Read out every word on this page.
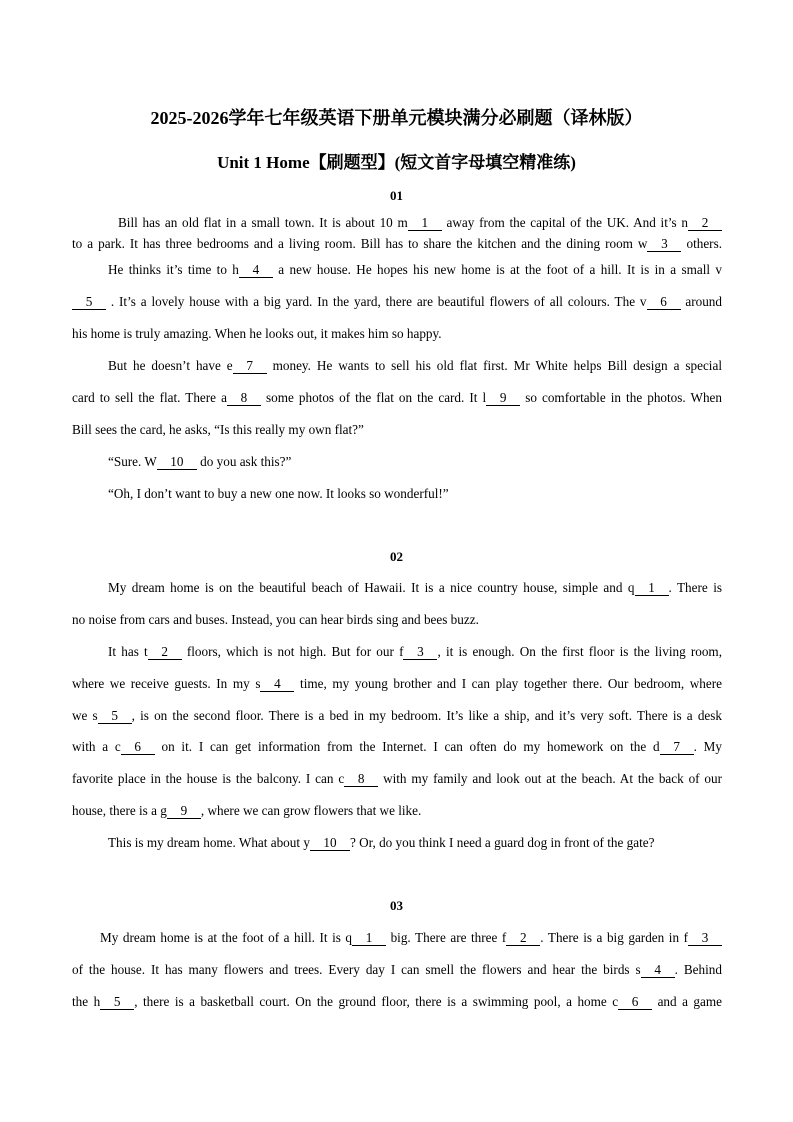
2025-2026学年七年级英语下册单元模块满分必刷题（译林版）
Unit 1 Home【刷题型】(短文首字母填空精准练)
01
Bill has an old flat in a small town. It is about 10 m 1 away from the capital of the UK. And it’s n 2
to a park. It has three bedrooms and a living room. Bill has to share the kitchen and the dining room w 3 others.
He thinks it’s time to h 4 a new house. He hopes his new home is at the foot of a hill. It is in a small v
5 . It’s a lovely house with a big yard. In the yard, there are beautiful flowers of all colours. The v 6 around
his home is truly amazing. When he looks out, it makes him so happy.
But he doesn’t have e 7 money. He wants to sell his old flat first. Mr White helps Bill design a special
card to sell the flat. There a 8 some photos of the flat on the card. It l 9 so comfortable in the photos. When
Bill sees the card, he asks, “Is this really my own flat?”
“Sure. W 10 do you ask this?”
“Oh, I don’t want to buy a new one now. It looks so wonderful!”
02
My dream home is on the beautiful beach of Hawaii. It is a nice country house, simple and q 1 . There is
no noise from cars and buses. Instead, you can hear birds sing and bees buzz.
It has t 2 floors, which is not high. But for our f 3 , it is enough. On the first floor is the living room,
where we receive guests. In my s 4 time, my young brother and I can play together there. Our bedroom, where
we s 5 , is on the second floor. There is a bed in my bedroom. It’s like a ship, and it’s very soft. There is a desk
with a c 6 on it. I can get information from the Internet. I can often do my homework on the d 7 . My
favorite place in the house is the balcony. I can c 8 with my family and look out at the beach. At the back of our
house, there is a g 9 , where we can grow flowers that we like.
This is my dream home. What about y 10 ? Or, do you think I need a guard dog in front of the gate?
03
My dream home is at the foot of a hill. It is q 1 big. There are three f 2 . There is a big garden in f 3
of the house. It has many flowers and trees. Every day I can smell the flowers and hear the birds s 4 . Behind
the h 5 , there is a basketball court. On the ground floor, there is a swimming pool, a home c 6 and a game
